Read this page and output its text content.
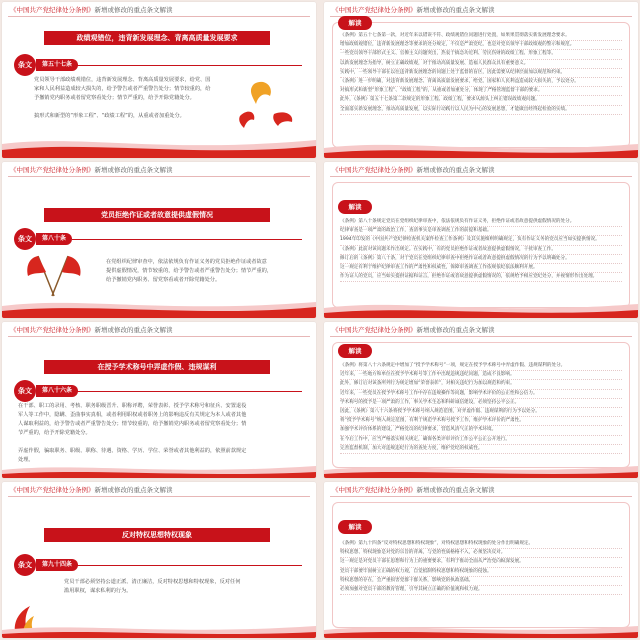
《中国共产党纪律处分条例》新增或修改的重点条文解读
政绩观错位，违背新发展理念、背离高质量发展要求
条文	第五十七条
党员领导干部政绩观错位，违背新发展理念、背离高质量发展要求，给党、国
家和人民利益造成较大损失的，给予警告或者严重警告处分；情节较重的，给
予撤销党内职务或者留党察看处分；情节严重的，给予开除党籍处分。

搞形式和新型的“形象工程”、“政绩工程”的，从重或者加重处分。
《中国共产党纪律处分条例》新增或修改的重点条文解读
解读
《条例》第五十七条第一款，对近年来以错误不符、政绩观错位问题进行处置，如果果贯彻落实新发展理念要求。
增加政绩观错位，违背新发展理念等要求的处分规定，不仅是严肃党纪，也是对党员领导干部政绩观的警示和规范。
一些党员领导干部形式主义、官僚主义问题突出，热衷于搞急功近利、劳民伤财的政绩工程、形象工程等。
以新发展理念为指导，树立正确政绩观，对于推动高质量发展、造福人民群众具有重要意义。
实践中，一些领导干部在以往违背新发展理念的问题上处于监督的盲区，因此需要从纪律层面加以规范和约束。
《条例》进一步明确，对违背新发展理念、背离高质量发展要求，给党、国家和人民利益造成较大损失的，予以处分。
对搞形式和新型“形象工程”、“政绩工程”的，从重或者加重处分，体现了严格管理监督干部的要求。
此外，《条例》第五十七条第二款规定的形象工程、政绩工程，要求从源头上纠正错误政绩观问题。
全面落实新发展理念，推动高质量发展，以实际行动践行以人民为中心的发展思想，才能做出经得起检验的实绩。
《中国共产党纪律处分条例》新增或修改的重点条文解读
党员拒绝作证或者故意提供虚假情况
条文	第八十条
在党组织纪律审查中，依法依规负有作证义务的党员拒绝作证或者故意
提供虚假情况，情节较重的，给予警告或者严重警告处分；情节严重的，
给予撤销党内职务、留党察看或者开除党籍处分。
《中国共产党纪律处分条例》新增或修改的重点条文解读
解读
《条例》第八十条规定党员在党组织纪律审查中，依法依规负有作证义务，拒绝作证或者故意提供虚假情况的处分。
纪律审查是一项严肃的政治工作，查清事实是审查调查工作的前提和基础。
1994年印发的《中国共产党纪律检查机关案件检查工作条例》及其实施细则明确规定，负有作证义务的党员应当如实提供情况。
《条例》此前对该问题未作出规定。在实践中，有的党员拒绝作证或者故意提供虚假情况，干扰审查工作。
修订后的《条例》第八十条，对于党员在党组织纪律审查中拒绝作证或者故意提供虚假情况的行为予以明确处分。
这一规定有利于维护纪律审查工作的严肃性和权威性，保障审查调查工作依规依纪依法顺利开展。
作为证人的党员，应当如实提供证据和证言，拒绝作证或者故意提供虚假情况的，依规给予相应党纪处分，并视情形作出处理。
《中国共产党纪律处分条例》新增或修改的重点条文解读
在授予学术称号中弄虚作假、违规谋利
条文	第八十六条
在干部、职工的录用、考核、职务职级晋升、职称评聘，荣誉表彰、授予学术称号和征兵、安置退役
军人等工作中，隐瞒、歪曲事实真相，或者利用职权或者职务上的影响违反有关规定为本人或者其他
人谋取利益的，给予警告或者严重警告处分；情节较重的，给予撤销党内职务或者留党察看处分；情
节严重的，给予开除党籍处分。

弄虚作假，骗取职务、职级、职称、待遇、资格、学历、学位、荣誉或者其他利益的，依照前款规定
处理。
《中国共产党纪律处分条例》新增或修改的重点条文解读
解读
《条例》将第八十六条规定中增加了“授予学术称号”一项，规定在授予学术称号中弄虚作假、违规谋利的处分。
近年来，一些地方和单位在授予学术称号等工作中出现违规违纪问题，造成不良影响。
此外，修订后对该条所列行为规定增加“荣誉表彰”，对相关违纪行为加以规范和约束。
近年来，一些党员在授予学术称号工作中存在违规操作等问题，影响学术评价的公正性和公信力。
学术称号的授予是一项严肃的工作，事关学术生态和科研诚信建设，必须坚持公平公正。
因此，《条例》第八十六条将授予学术称号纳入规范范围，对弄虚作假、违规谋利的行为予以处分。
将“授予学术称号”纳入规定范围，有利于规范学术称号授予工作，维护学术评价的严肃性。
加强学术评价体系的建设，严格党员的纪律要求，营造风清气正的学术环境。
在今后工作中，应当严格落实相关规定，确保各类评审评价工作公平公正公开进行。
完善监督机制，加大对违规违纪行为的查处力度，维护党纪的权威性。
《中国共产党纪律处分条例》新增或修改的重点条文解读
反对特权思想特权现象
条文	第九十四条
党员干部必须坚持公道正派、清正廉洁，反对特权思想和特权现象，反对任何
滥用职权，谋求私利的行为。
《中国共产党纪律处分条例》新增或修改的重点条文解读
解读
《条例》第九十四条“反对特权思想和特权现象”，对特权思想和特权现象的处分作出明确规定。
特权思想、特权现象是对党的宗旨的背离，与党的性质格格不入，必须坚决反对。
这一规定是对党员干部在思想和行为上的重要要求，有利于推动全面从严治党向纵深发展。
党员干部要牢固树立正确的权力观，自觉抵制特权思想和特权现象的侵蚀。
特权思想的存在，会严重损害党群干群关系，影响党的执政基础。
必须加强对党员干部的教育管理，引导其树立正确的价值观和权力观。
